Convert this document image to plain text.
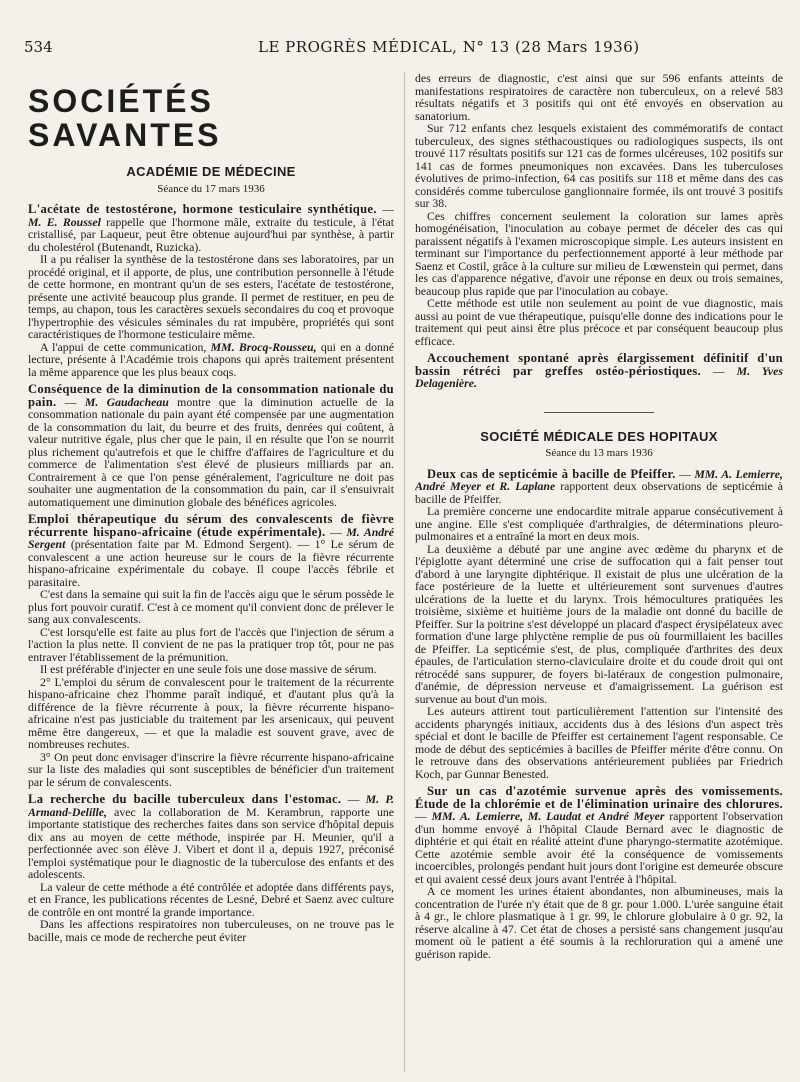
534	LE PROGRÈS MÉDICAL, N° 13 (28 Mars 1936)
SOCIÉTÉS SAVANTES
ACADÉMIE DE MÉDECINE
Séance du 17 mars 1936

L'acétate de testostérone, hormone testiculaire synthétique. — M. E. Roussel rappelle que l'hormone mâle, extraite du testicule, à l'état cristallisé, par Laqueur, peut être obtenue aujourd'hui par synthèse, à partir du cholestérol (Butenandt, Ruzicka).

Il a pu réaliser la synthèse de la testostérone dans ses laboratoires, par un procédé original, et il apporte, de plus, une contribution personnelle à l'étude de cette hormone, en montrant qu'un de ses esters, l'acétate de testostérone, présente une activité beaucoup plus grande. Il permet de restituer, en peu de temps, au chapon, tous les caractères sexuels secondaires du coq et provoque l'hypertrophie des vésicules séminales du rat impubère, propriétés qui sont caractéristiques de l'hormone testiculaire même.

A l'appui de cette communication, MM. Brocq-Rousseu, qui en a donné lecture, présente à l'Académie trois chapons qui après traitement présentent la même apparence que les plus beaux coqs.

Conséquence de la diminution de la consommation nationale du pain. — M. Gaudacheau montre que la diminution actuelle de la consommation nationale du pain ayant été compensée par une augmentation de la consommation du lait, du beurre et des fruits, denrées qui coûtent, à valeur nutritive égale, plus cher que le pain, il en résulte que l'on se nourrit plus richement qu'autrefois et que le chiffre d'affaires de l'agriculture et du commerce de l'alimentation s'est élevé de plusieurs milliards par an. Contrairement à ce que l'on pense généralement, l'agriculture ne doit pas souhaiter une augmentation de la consommation du pain, car il s'ensuivrait automatiquement une diminution globale des bénéfices agricoles.

Emploi thérapeutique du sérum des convalescents de fièvre récurrente hispano-africaine (étude expérimentale). — M. André Sergent (présentation faite par M. Edmond Sergent). — 1° Le sérum de convalescent a une action heureuse sur le cours de la fièvre récurrente hispano-africaine expérimentale du cobaye. Il coupe l'accès fébrile et parasitaire.

C'est dans la semaine qui suit la fin de l'accès aigu que le sérum possède le plus fort pouvoir curatif. C'est à ce moment qu'il convient donc de prélever le sang aux convalescents.

C'est lorsqu'elle est faite au plus fort de l'accès que l'injection de sérum a l'action la plus nette. Il convient de ne pas la pratiquer trop tôt, pour ne pas entraver l'établissement de la prémunition.

Il est préférable d'injecter en une seule fois une dose massive de sérum.

2° L'emploi du sérum de convalescent pour le traitement de la récurrente hispano-africaine chez l'homme paraît indiqué, et d'autant plus qu'à la différence de la fièvre récurrente à poux, la fièvre récurrente hispano-africaine n'est pas justiciable du traitement par les arsenicaux, qui peuvent même être dangereux, — et que la maladie est souvent grave, avec de nombreuses rechutes.

3° On peut donc envisager d'inscrire la fièvre récurrente hispano-africaine sur la liste des maladies qui sont susceptibles de bénéficier d'un traitement par le sérum de convalescents.

La recherche du bacille tuberculeux dans l'estomac. — M. P. Armand-Delille, avec la collaboration de M. Kerambrun, rapporte une importante statistique des recherches faites dans son service d'hôpital depuis dix ans au moyen de cette méthode, inspirée par H. Meunier, qu'il a perfectionnée avec son élève J. Vibert et dont il a, depuis 1927, préconisé l'emploi systématique pour le diagnostic de la tuberculose des enfants et des adolescents.

La valeur de cette méthode a été contrôlée et adoptée dans différents pays, et en France, les publications récentes de Lesné, Debré et Saenz avec culture de contrôle en ont montré la grande importance.

Dans les affections respiratoires non tuberculeuses, on ne trouve pas le bacille, mais ce mode de recherche peut éviter

des erreurs de diagnostic, c'est ainsi que sur 596 enfants atteints de manifestations respiratoires de caractère non tuberculeux, on a relevé 583 résultats négatifs et 3 positifs qui ont été envoyés en observation au sanatorium.

Sur 712 enfants chez lesquels existaient des commémoratifs de contact tuberculeux, des signes stéthacoustiques ou radiologiques suspects, ils ont trouvé 117 résultats positifs sur 121 cas de formes ulcéreuses, 102 positifs sur 141 cas de formes pneumoniques non excavées. Dans les tuberculoses évolutives de primo-infection, 64 cas positifs sur 118 et même dans des cas considérés comme tuberculose ganglionnaire formée, ils ont trouvé 3 positifs sur 38.

Ces chiffres concernent seulement la coloration sur lames après homogénéisation, l'inoculation au cobaye permet de déceler des cas qui paraissent négatifs à l'examen microscopique simple. Les auteurs insistent en terminant sur l'importance du perfectionnement apporté à leur méthode par Saenz et Costil, grâce à la culture sur milieu de Lœwenstein qui permet, dans les cas d'apparence négative, d'avoir une réponse en deux ou trois semaines, beaucoup plus rapide que par l'inoculation au cobaye.

Cette méthode est utile non seulement au point de vue diagnostic, mais aussi au point de vue thérapeutique, puisqu'elle donne des indications pour le traitement qui peut ainsi être plus précoce et par conséquent beaucoup plus efficace.

Accouchement spontané après élargissement définitif d'un bassin rétréci par greffes ostéo-périostiques. — M. Yves Delagenière.

SOCIÉTÉ MÉDICALE DES HOPITAUX
Séance du 13 mars 1936

Deux cas de septicémie à bacille de Pfeiffer. — MM. A. Lemierre, André Meyer et R. Laplane rapportent deux observations de septicémie à bacille de Pfeiffer.

La première concerne une endocardite mitrale apparue consécutivement à une angine. Elle s'est compliquée d'arthralgies, de déterminations pleuro-pulmonaires et a entraîné la mort en deux mois.

La deuxième a débuté par une angine avec œdème du pharynx et de l'épiglotte ayant déterminé une crise de suffocation qui a fait penser tout d'abord à une laryngite diphtérique. Il existait de plus une ulcération de la face postérieure de la luette et ultérieurement sont survenues d'autres ulcérations de la luette et du larynx. Trois hémocultures pratiquées les troisième, sixième et huitième jours de la maladie ont donné du bacille de Pfeiffer. Sur la poitrine s'est développé un placard d'aspect érysipélateux avec formation d'une large phlyctène remplie de pus où fourmillaient les bacilles de Pfeiffer. La septicémie s'est, de plus, compliquée d'arthrites des deux épaules, de l'articulation sterno-claviculaire droite et du coude droit qui ont rétrocédé sans suppurer, de foyers bi-latéraux de congestion pulmonaire, d'anémie, de dépression nerveuse et d'amaigrissement. La guérison est survenue au bout d'un mois.

Les auteurs attirent tout particulièrement l'attention sur l'intensité des accidents pharyngés initiaux, accidents dus à des lésions d'un aspect très spécial et dont le bacille de Pfeiffer est certainement l'agent responsable. Ce mode de début des septicémies à bacilles de Pfeiffer mérite d'être connu. On le retrouve dans des observations antérieurement publiées par Friedrich Koch, par Gunnar Benested.

Sur un cas d'azotémie survenue après des vomissements. Étude de la chlorémie et de l'élimination urinaire des chlorures. — MM. A. Lemierre, M. Laudat et André Meyer rapportent l'observation d'un homme envoyé à l'hôpital Claude Bernard avec le diagnostic de diphtérie et qui était en réalité atteint d'une pharyngo-stermatite azotémique. Cette azotémie semble avoir été la conséquence de vomissements incoercibles, prolongés pendant huit jours dont l'origine est demeurée obscure et qui avaient cessé deux jours avant l'entrée à l'hôpital.

A ce moment les urines étaient abondantes, non albumineuses, mais la concentration de l'urée n'y était que de 8 gr. pour 1.000. L'urée sanguine était à 4 gr., le chlore plasmatique à 1 gr. 99, le chlorure globulaire à 0 gr. 92, la réserve alcaline à 47. Cet état de choses a persisté sans changement jusqu'au moment où le patient a été soumis à la rechloruration qui a amené une guérison rapide.
